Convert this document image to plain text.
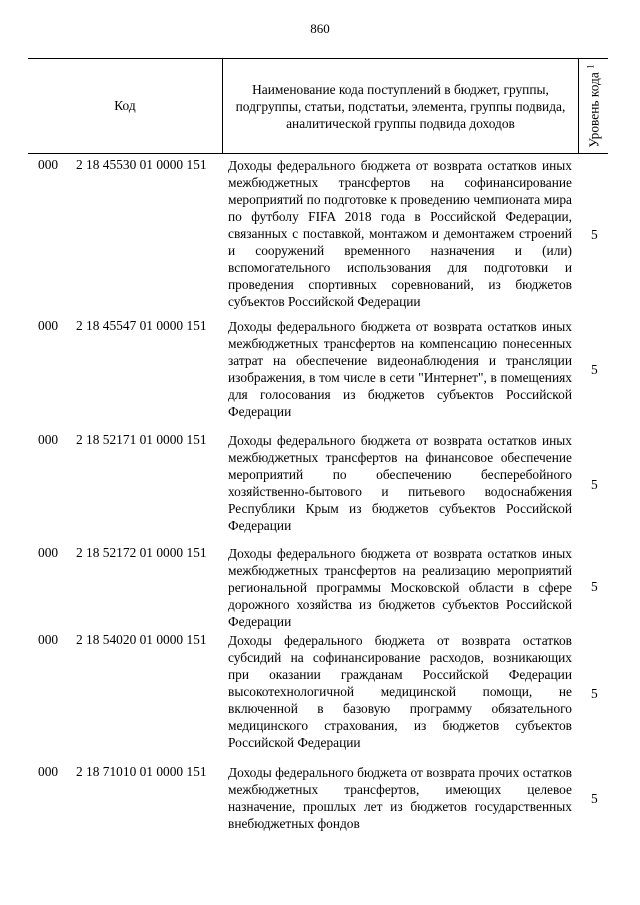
860
Код
Наименование кода поступлений в бюджет, группы, подгруппы, статьи, подстатьи, элемента, группы подвида, аналитической группы подвида доходов	Уровень кода $^1$
000 2 18 45530 01 0000 151 Доходы федерального бюджета от возврата остатков иных межбюджетных трансфертов на софинансирование мероприятий по подготовке к проведению чемпионата мира по футболу FIFA 2018 года в Российской Федерации, связанных с поставкой, монтажом и демонтажем строений и сооружений временного назначения и (или) вспомогательного использования для подготовки и проведения спортивных соревнований, из бюджетов субъектов Российской Федерации
5
000 2 18 45547 01 0000 151 Доходы федерального бюджета от возврата остатков иных межбюджетных трансфертов на компенсацию понесенных затрат на обеспечение видеонаблюдения и трансляции изображения, в том числе в сети "Интернет", в помещениях для голосования из бюджетов субъектов Российской Федерации
5
000 2 18 52171 01 0000 151 Доходы федерального бюджета от возврата остатков иных межбюджетных трансфертов на финансовое обеспечение мероприятий по обеспечению бесперебойного хозяйственно-бытового и питьевого водоснабжения Республики Крым из бюджетов субъектов Российской Федерации
5
000 2 18 52172 01 0000 151 Доходы федерального бюджета от возврата остатков иных межбюджетных трансфертов на реализацию мероприятий региональной программы Московской области в сфере дорожного хозяйства из бюджетов субъектов Российской Федерации
5
000 2 18 54020 01 0000 151 Доходы федерального бюджета от возврата остатков субсидий на софинансирование расходов, возникающих при оказании гражданам Российской Федерации высокотехнологичной медицинской помощи, не включенной в базовую программу обязательного медицинского страхования, из бюджетов субъектов Российской Федерации
5
000 2 18 71010 01 0000 151 Доходы федерального бюджета от возврата прочих остатков межбюджетных трансфертов, имеющих целевое назначение, прошлых лет из бюджетов государственных внебюджетных фондов
5
